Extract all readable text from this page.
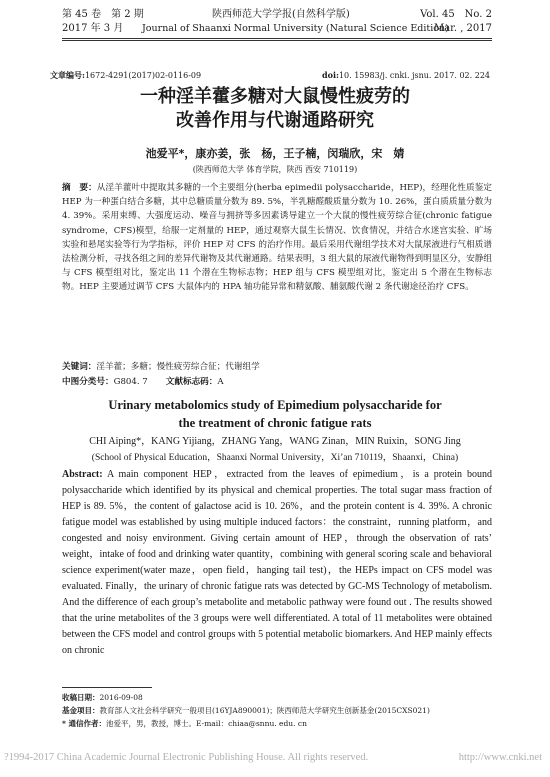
第 45 卷　第 2 期	陕西师范大学学报(自然科学版)	Vol. 45　No. 2
2017 年 3 月 Journal of Shaanxi Normal University (Natural Science Edition)
Mar. , 2017
文章编号:1672-4291(2017)02-0116-09	doi:10. 15983/j. cnki. jsnu. 2017. 02. 224
一种淫羊藿多糖对大鼠慢性疲劳的
改善作用与代谢通路研究
池爱平*，康亦姜，张　杨，王子楠，闵瑞欣，宋　婧
(陕西师范大学 体育学院，陕西 西安 710119)
摘　要：从淫羊藿叶中提取其多糖的一个主要组分(herba epimedii polysaccharide，HEP)，经理化性质鉴定 HEP 为一种蛋白结合多糖，其中总糖质量分数为 89. 5%，半乳糖醛酸质量分数为 10. 26%，蛋白质质量分数为 4. 39%。采用束缚、大强度运动、噪音与拥挤等多因素诱导建立一个大鼠的慢性疲劳综合征(chronic fatigue syndrome，CFS)模型，给服一定剂量的 HEP，通过观察大鼠生长情况、饮食情况，并结合水迷宫实验、旷场实验和悬尾实验等行为学指标，评价 HEP 对 CFS 的治疗作用。最后采用代谢组学技术对大鼠尿液进行气相质谱法检测分析，寻找各组之间的差异代谢物及其代谢通路。结果表明，3 组大鼠的尿液代谢物得到明显区分，安静组与 CFS 模型组对比，鉴定出 11 个潜在生物标志物；HEP 组与 CFS 模型组对比，鉴定出 5 个潜在生物标志物。HEP 主要通过调节 CFS 大鼠体内的 HPA 轴功能异常和精氨酸、脯氨酸代谢 2 条代谢途径治疗 CFS。
关键词：淫羊藿；多糖；慢性疲劳综合征；代谢组学
中图分类号：G804. 7 文献标志码：A
Urinary metabolomics study of Epimedium polysaccharide for
the treatment of chronic fatigue rats
CHI Aiping*，KANG Yijiang，ZHANG Yang，WANG Zinan，MIN Ruixin，SONG Jing
(School of Physical Education，Shaanxi Normal University，Xi’an 710119，Shaanxi，China)
Abstract: A main component HEP，extracted from the leaves of epimedium，is a protein bound polysaccharide which identified by its physical and chemical properties. The total sugar mass fraction of HEP is 89. 5%，the content of galactose acid is 10. 26%，and the protein content is 4. 39%. A chronic fatigue model was established by using multiple induced factors：the constraint，running platform，and congested and noisy environment. Giving certain amount of HEP，through the observation of rats’ weight，intake of food and drinking water quantity，combining with general scoring scale and behavioral science experiment(water maze，open field，hanging tail test)，the HEPs impact on CFS model was evaluated. Finally，the urinary of chronic fatigue rats was detected by GC-MS Technology of metabolism. And the difference of each group’s metabolite and metabolic pathway were found out . The results showed that the urine metabolites of the 3 groups were well differentiated. A total of 11 metabolites were obtained between the CFS model and control groups with 5 potential metabolic biomarkers. And HEP mainly effects on chronic
收稿日期：2016-09-08
基金项目：教育部人文社会科学研究一般项目(16YJA890001)；陕西师范大学研究生创新基金(2015CXS021)
* 通信作者：池爱平，男，教授，博士。E-mail：chiaa@snnu. edu. cn
?1994-2017 China Academic Journal Electronic Publishing House. All rights reserved.	http://www.cnki.net
